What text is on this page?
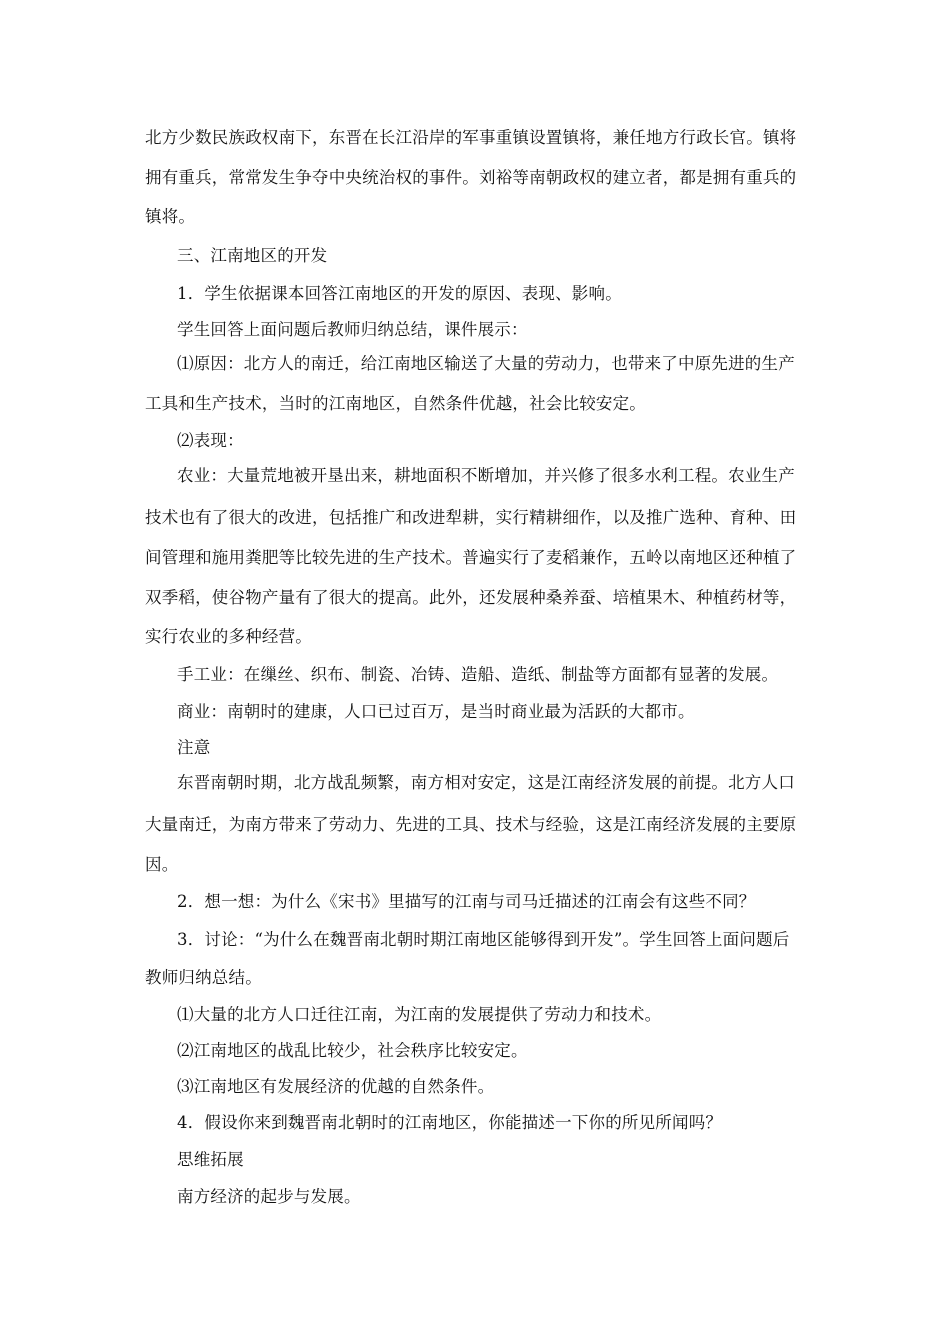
北方少数民族政权南下，东晋在长江沿岸的军事重镇设置镇将，兼任地方行政长官。镇将
拥有重兵，常常发生争夺中央统治权的事件。刘裕等南朝政权的建立者，都是拥有重兵的
镇将。
三、江南地区的开发
1．学生依据课本回答江南地区的开发的原因、表现、影响。
学生回答上面问题后教师归纳总结，课件展示：
⑴原因：北方人的南迁，给江南地区输送了大量的劳动力，也带来了中原先进的生产
工具和生产技术，当时的江南地区，自然条件优越，社会比较安定。
⑵表现：
农业：大量荒地被开垦出来，耕地面积不断增加，并兴修了很多水利工程。农业生产
技术也有了很大的改进，包括推广和改进犁耕，实行精耕细作，以及推广选种、育种、田
间管理和施用粪肥等比较先进的生产技术。普遍实行了麦稻兼作，五岭以南地区还种植了
双季稻，使谷物产量有了很大的提高。此外，还发展种桑养蚕、培植果木、种植药材等，
实行农业的多种经营。
手工业：在缫丝、织布、制瓷、冶铸、造船、造纸、制盐等方面都有显著的发展。
商业：南朝时的建康，人口已过百万，是当时商业最为活跃的大都市。
注意
东晋南朝时期，北方战乱频繁，南方相对安定，这是江南经济发展的前提。北方人口
大量南迁，为南方带来了劳动力、先进的工具、技术与经验，这是江南经济发展的主要原
因。
2．想一想：为什么《宋书》里描写的江南与司马迁描述的江南会有这些不同？
3．讨论：“为什么在魏晋南北朝时期江南地区能够得到开发”。学生回答上面问题后
教师归纳总结。
⑴大量的北方人口迁往江南，为江南的发展提供了劳动力和技术。
⑵江南地区的战乱比较少，社会秩序比较安定。
⑶江南地区有发展经济的优越的自然条件。
4．假设你来到魏晋南北朝时的江南地区，你能描述一下你的所见所闻吗？
思维拓展
南方经济的起步与发展。
